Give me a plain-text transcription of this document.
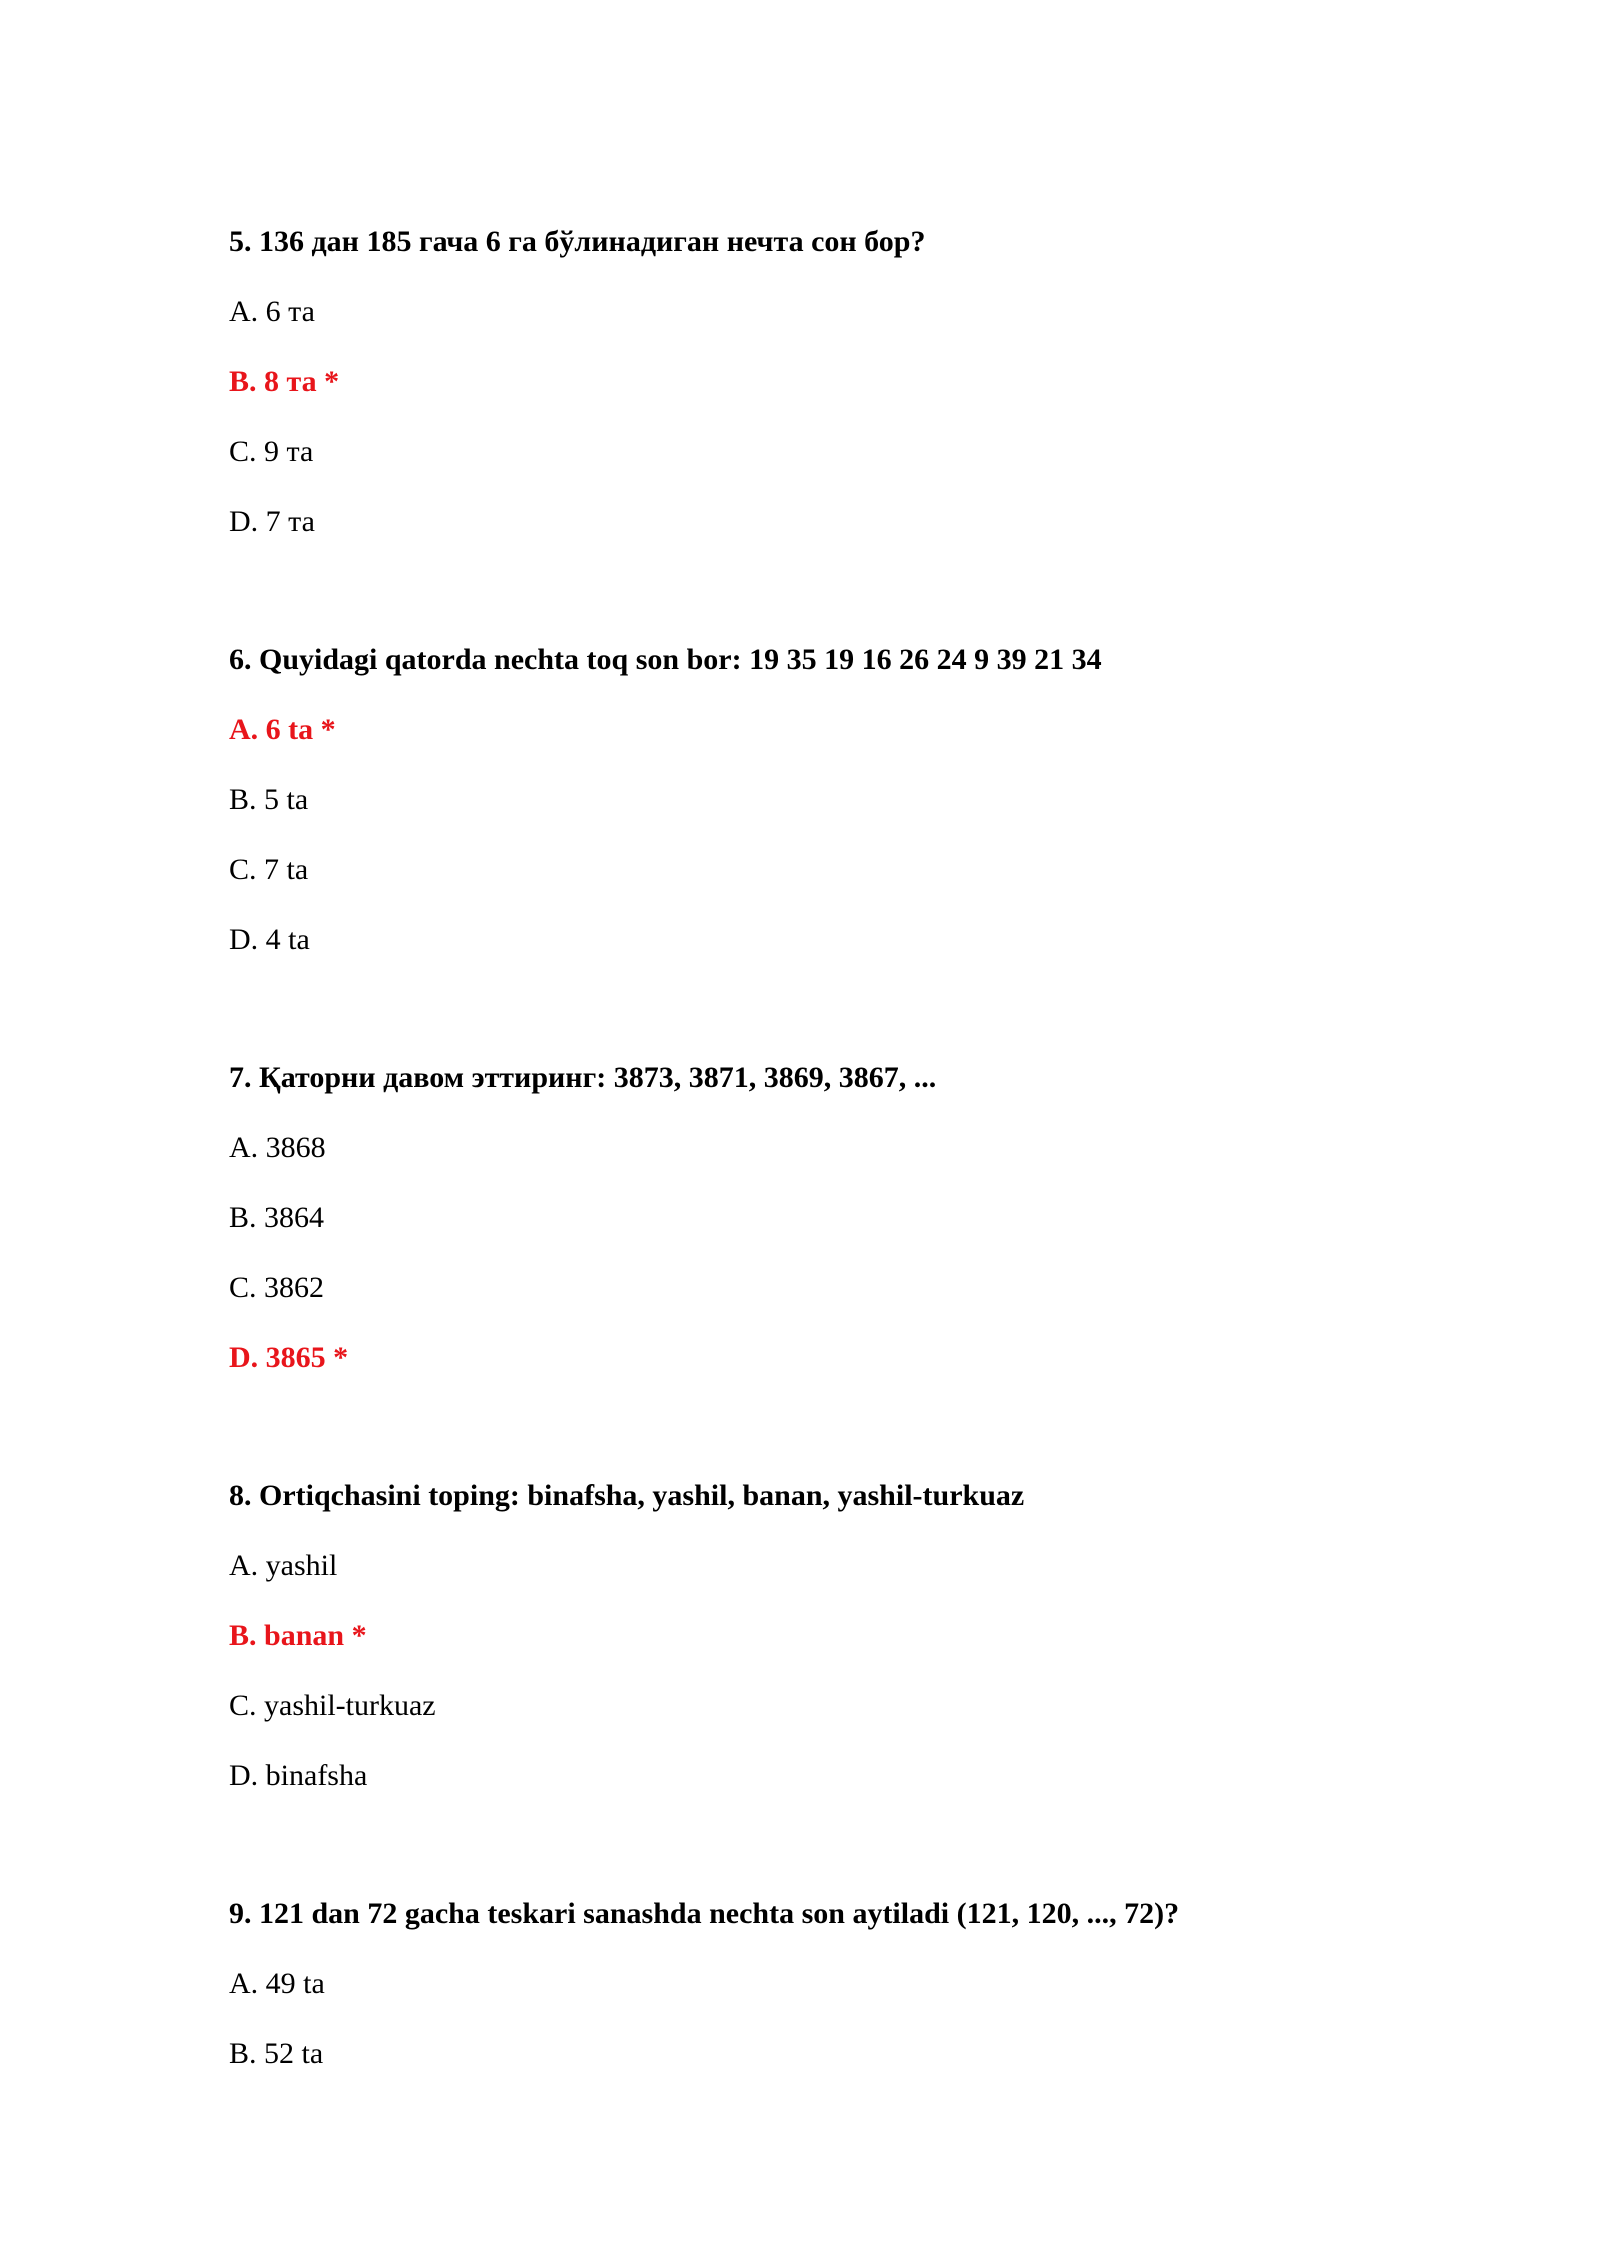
5. 136 дан 185 гача 6 га бўлинадиган нечта сон бор?
A. 6 та
B. 8 та *
C. 9 та
D. 7 та
6. Quyidagi qatorda nechta toq son bor: 19 35 19 16 26 24 9 39 21 34
A. 6 ta *
B. 5 ta
C. 7 ta
D. 4 ta
7. Қаторни давом эттиринг: 3873, 3871, 3869, 3867, ...
A. 3868
B. 3864
C. 3862
D. 3865 *
8. Ortiqchasini toping: binafsha, yashil, banan, yashil-turkuaz
A. yashil
B. banan *
C. yashil-turkuaz
D. binafsha
9. 121 dan 72 gacha teskari sanashda nechta son aytiladi (121, 120, ..., 72)?
A. 49 ta
B. 52 ta
